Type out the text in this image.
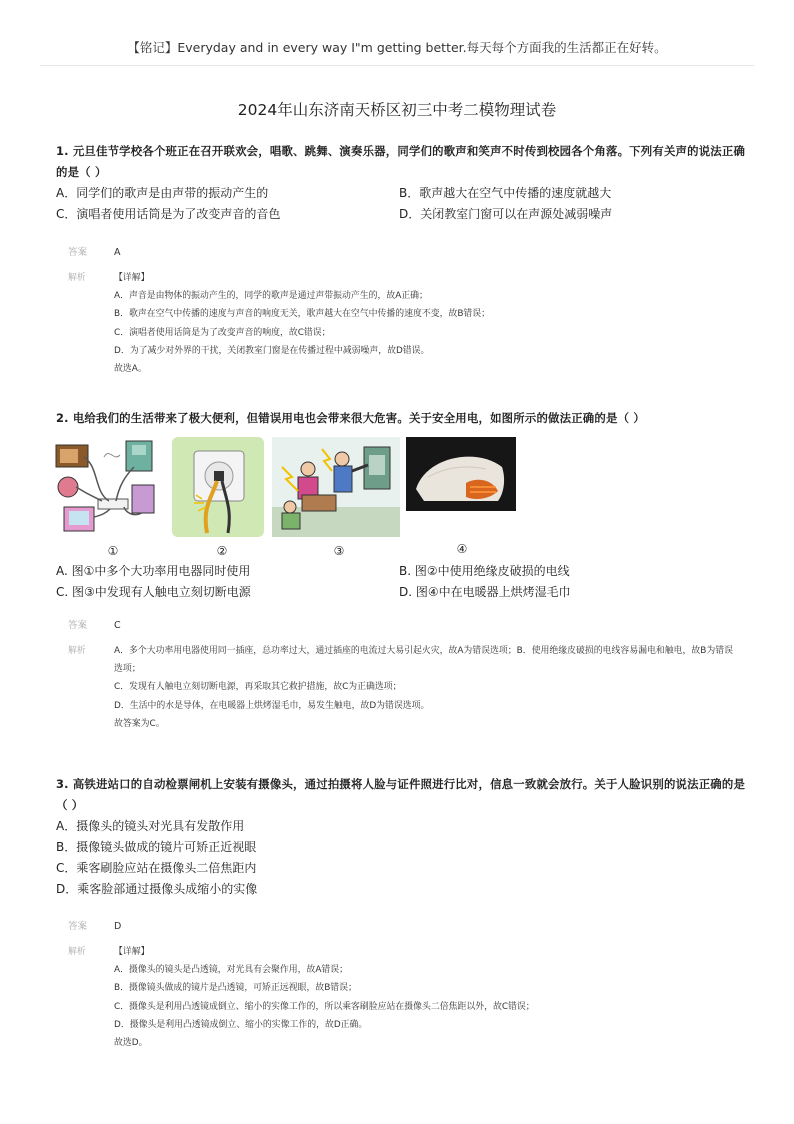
【铭记】Everyday and in every way I"m getting better.每天每个方面我的生活都正在好转。
2024年山东济南天桥区初三中考二模物理试卷
1. 元旦佳节学校各个班正在召开联欢会，唱歌、跳舞、演奏乐器，同学们的歌声和笑声不时传到校园各个角落。下列有关声的说法正确的是（ ）
A．同学们的歌声是由声带的振动产生的	B．歌声越大在空气中传播的速度就越大
C．演唱者使用话筒是为了改变声音的音色	D．关闭教室门窗可以在声源处减弱噪声
答案	A
解析	【详解】
A．声音是由物体的振动产生的，同学的歌声是通过声带振动产生的，故A正确；
B．歌声在空气中传播的速度与声音的响度无关，歌声越大在空气中传播的速度不变，故B错误；
C．演唱者使用话筒是为了改变声音的响度，故C错误；
D．为了减少对外界的干扰，关闭教室门窗是在传播过程中减弱噪声，故D错误。
故选A。
2. 电给我们的生活带来了极大便利，但错误用电也会带来很大危害。关于安全用电，如图所示的做法正确的是（ ）
①	②	③	④
A. 图①中多个大功率用电器同时使用	B. 图②中使用绝缘皮破损的电线
C. 图③中发现有人触电立刻切断电源	D. 图④中在电暖器上烘烤湿毛巾
答案	C
解析	A．多个大功率用电器使用同一插座，总功率过大，通过插座的电流过大易引起火灾，故A为错误选项；B．使用绝缘皮破损的电线容易漏电和触电，故B为错误选项；
C．发现有人触电立刻切断电源，再采取其它救护措施，故C为正确选项；
D．生活中的水是导体，在电暖器上烘烤湿毛巾，易发生触电，故D为错误选项。
故答案为C。
3. 高铁进站口的自动检票闸机上安装有摄像头，通过拍摄将人脸与证件照进行比对，信息一致就会放行。关于人脸识别的说法正确的是（ ）
A．摄像头的镜头对光具有发散作用
B．摄像镜头做成的镜片可矫正近视眼
C．乘客刷脸应站在摄像头二倍焦距内
D．乘客脸部通过摄像头成缩小的实像
答案	D
解析	【详解】
A．摄像头的镜头是凸透镜，对光具有会聚作用，故A错误；
B．摄像镜头做成的镜片是凸透镜，可矫正远视眼，故B错误；
C．摄像头是利用凸透镜成倒立、缩小的实像工作的，所以乘客刷脸应站在摄像头二倍焦距以外，故C错误；
D．摄像头是利用凸透镜成倒立、缩小的实像工作的，故D正确。
故选D。
